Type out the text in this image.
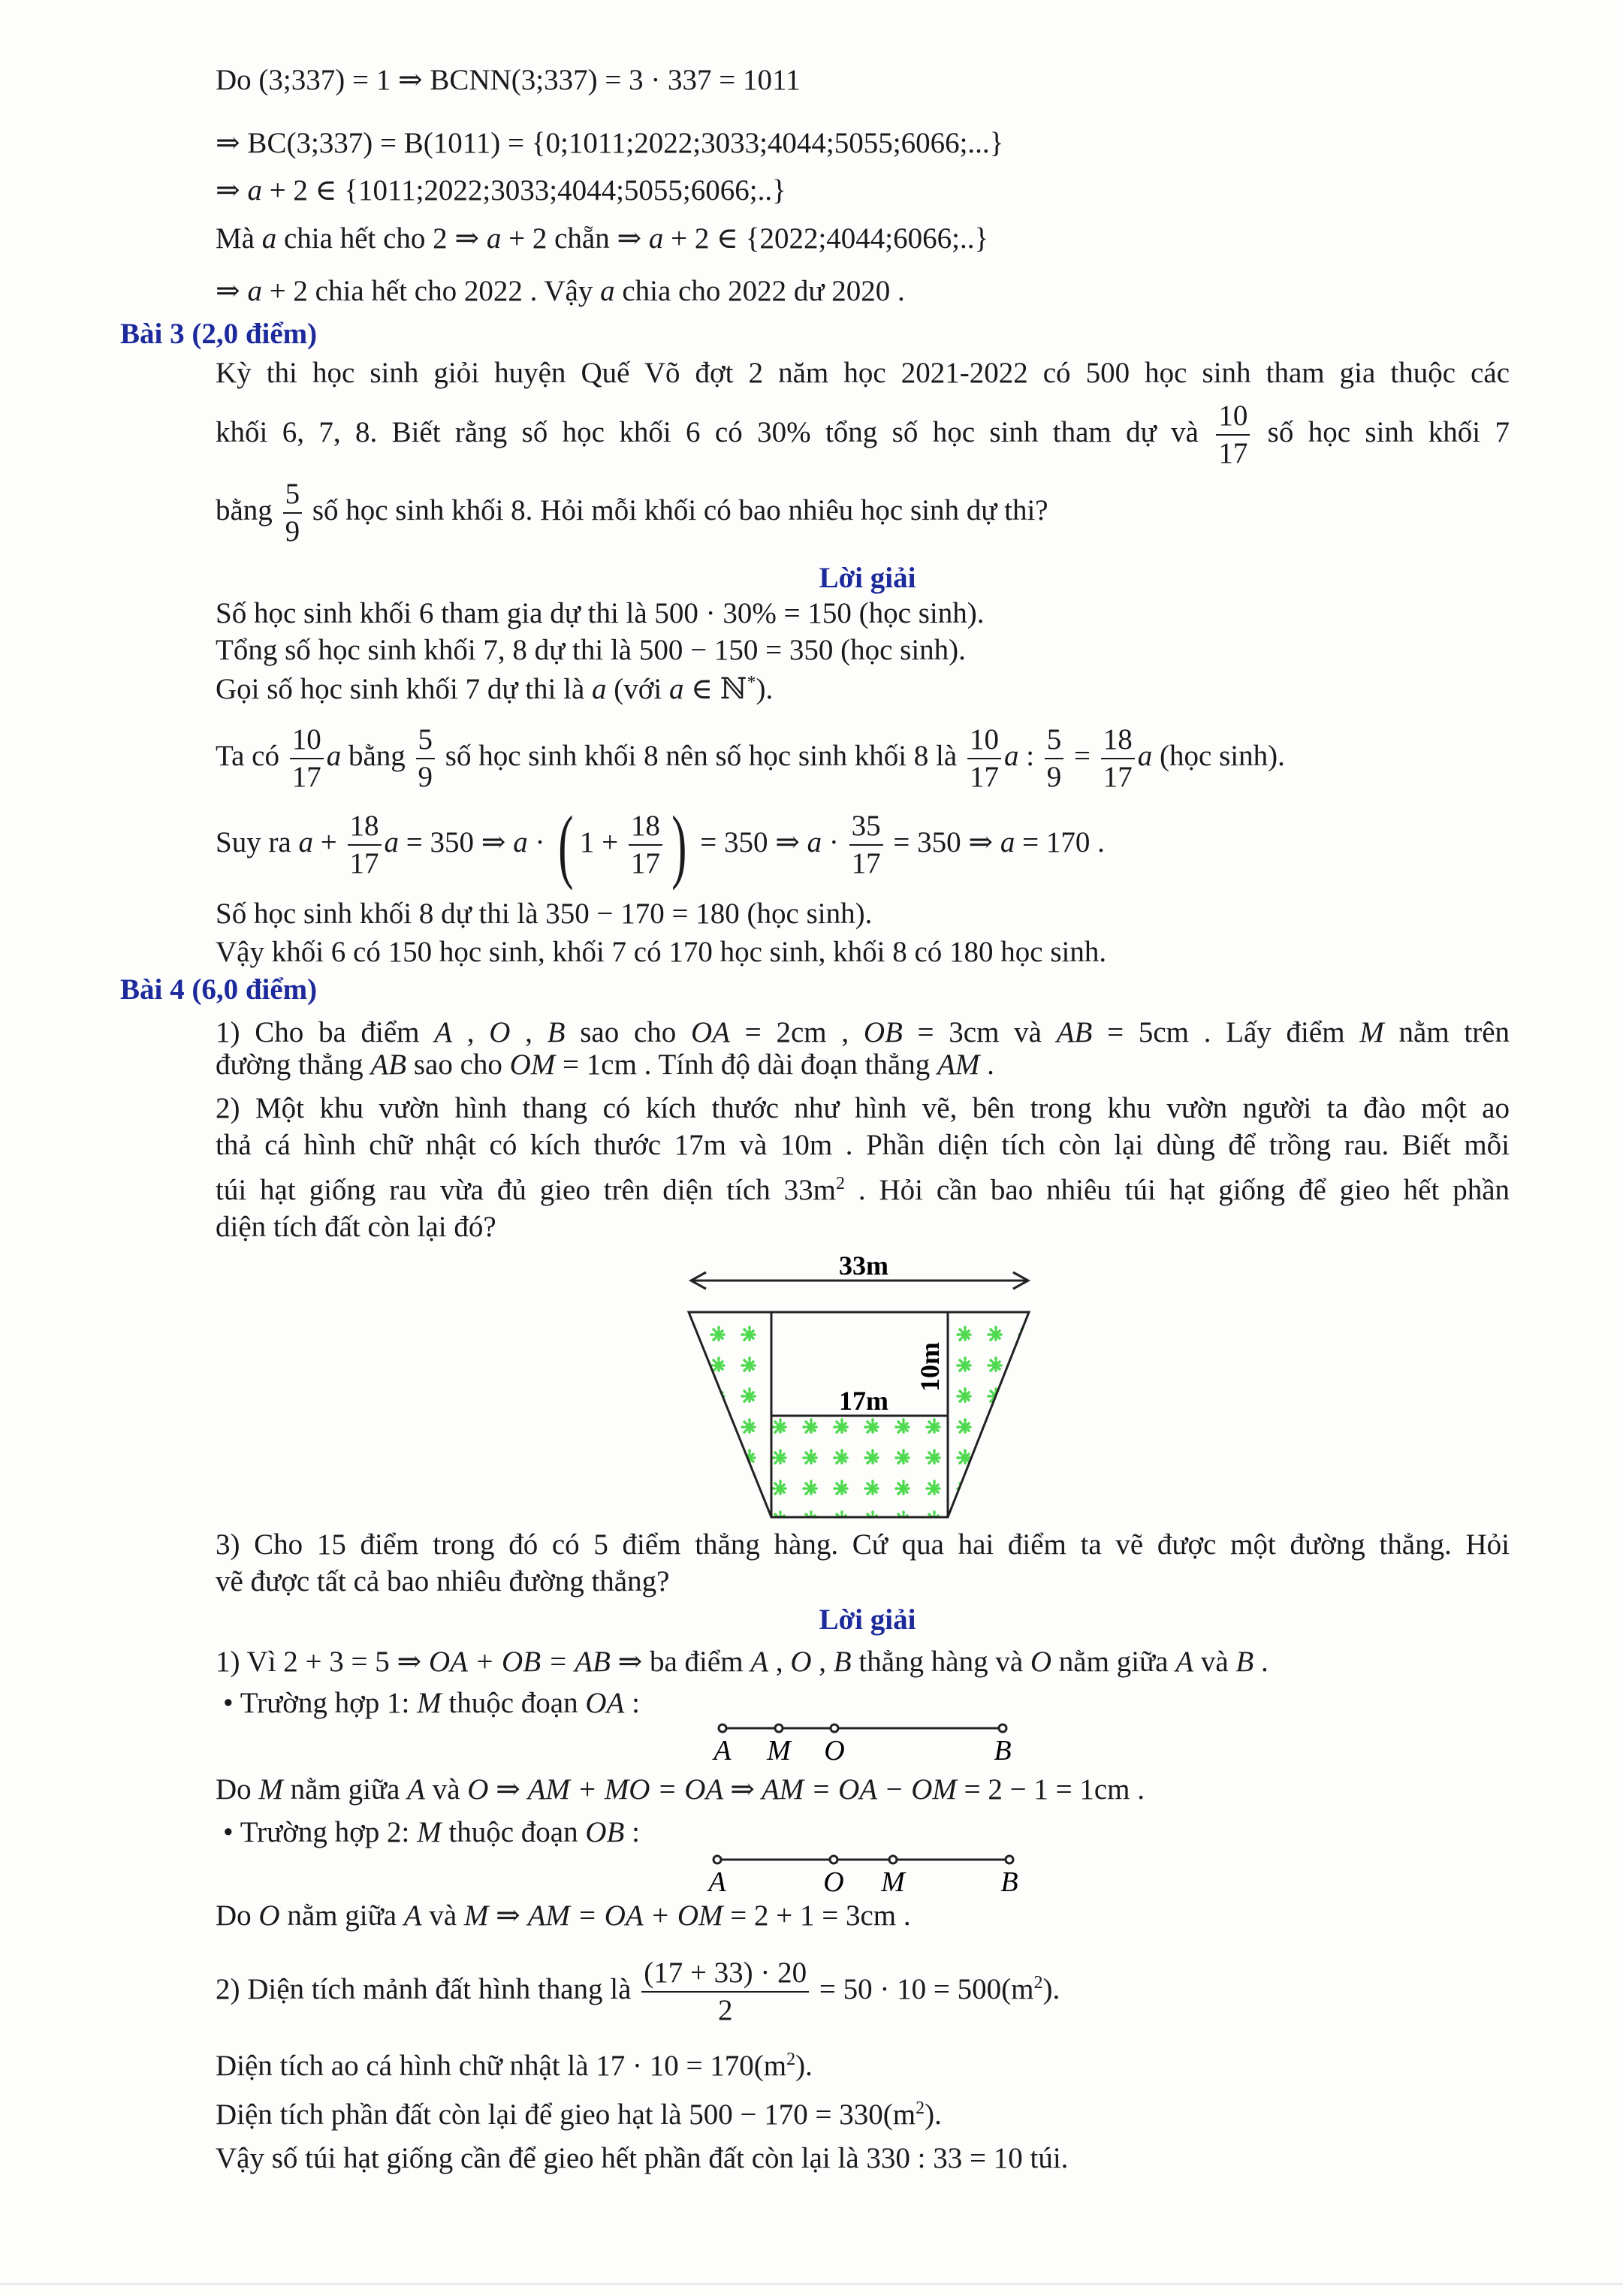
Do (3;337) = 1 ⇒ BCNN(3;337) = 3 · 337 = 1011
⇒ BC(3;337) = B(1011) = {0;1011;2022;3033;4044;5055;6066;...}
⇒ a + 2 ∈ {1011;2022;3033;4044;5055;6066;..}
Mà a chia hết cho 2 ⇒ a + 2 chẵn ⇒ a + 2 ∈ {2022;4044;6066;..}
⇒ a + 2 chia hết cho 2022 . Vậy a chia cho 2022 dư 2020 .
Bài 3 (2,0 điểm)
Kỳ thi học sinh giỏi huyện Quế Võ đợt 2 năm học 2021-2022 có 500 học sinh tham gia thuộc các
khối 6, 7, 8. Biết rằng số học khối 6 có 30% tổng số học sinh tham dự và $\frac{10}{17}$ số học sinh khối 7
bằng $\frac{5}{9}$ số học sinh khối 8. Hỏi mỗi khối có bao nhiêu học sinh dự thi?
Lời giải
Số học sinh khối 6 tham gia dự thi là 500 · 30% = 150 (học sinh).
Tổng số học sinh khối 7, 8 dự thi là 500 − 150 = 350 (học sinh).
Gọi số học sinh khối 7 dự thi là a (với a ∈ ℕ*).
Ta có $\frac{10}{17}$ a bằng $\frac{5}{9}$ số học sinh khối 8 nên số học sinh khối 8 là $\frac{10}{17}$ a : $\frac{5}{9} = \frac{18}{17}$ a (học sinh).
Suy ra $a + \frac{18}{17}$ a = 350 ⇒ a · ( $1 + \frac{18}{17}$ ) = 350 ⇒ $a \cdot \frac{35}{17} = 350$ ⇒ a = 170 .
Số học sinh khối 8 dự thi là 350 − 170 = 180 (học sinh).
Vậy khối 6 có 150 học sinh, khối 7 có 170 học sinh, khối 8 có 180 học sinh.
Bài 4 (6,0 điểm)
1) Cho ba điểm A , O , B sao cho OA = 2cm , OB = 3cm và AB = 5cm . Lấy điểm M nằm trên
đường thẳng AB sao cho OM = 1cm . Tính độ dài đoạn thẳng AM .
2) Một khu vườn hình thang có kích thước như hình vẽ, bên trong khu vườn người ta đào một ao
thả cá hình chữ nhật có kích thước 17m và 10m . Phần diện tích còn lại dùng để trồng rau. Biết mỗi
túi hạt giống rau vừa đủ gieo trên diện tích $33m^2$ . Hỏi cần bao nhiêu túi hạt giống để gieo hết phần
diện tích đất còn lại đó?
3) Cho 15 điểm trong đó có 5 điểm thẳng hàng. Cứ qua hai điểm ta vẽ được một đường thẳng. Hỏi
vẽ được tất cả bao nhiêu đường thẳng?
Lời giải
1) Vì 2 + 3 = 5 ⇒ OA + OB = AB ⇒ ba điểm A , O , B thẳng hàng và O nằm giữa A và B .
• Trường hợp 1: M thuộc đoạn OA :
Do M nằm giữa A và O ⇒ AM + MO = OA ⇒ AM = OA − OM = 2 − 1 = 1cm .
• Trường hợp 2: M thuộc đoạn OB :
Do O nằm giữa A và M ⇒ AM = OA + OM = 2 + 1 = 3cm .
2) Diện tích mảnh đất hình thang là $\frac{(17 + 33) \cdot 20}{2} = 50 \cdot 10 = 500(m^2)$.
Diện tích ao cá hình chữ nhật là $17 \cdot 10 = 170(m^2)$.
Diện tích phần đất còn lại để gieo hạt là $500 - 170 = 330(m^2)$.
Vậy số túi hạt giống cần để gieo hết phần đất còn lại là 330 : 33 = 10 túi.
33m
17m
10m
A M O	B
A	O M	B
